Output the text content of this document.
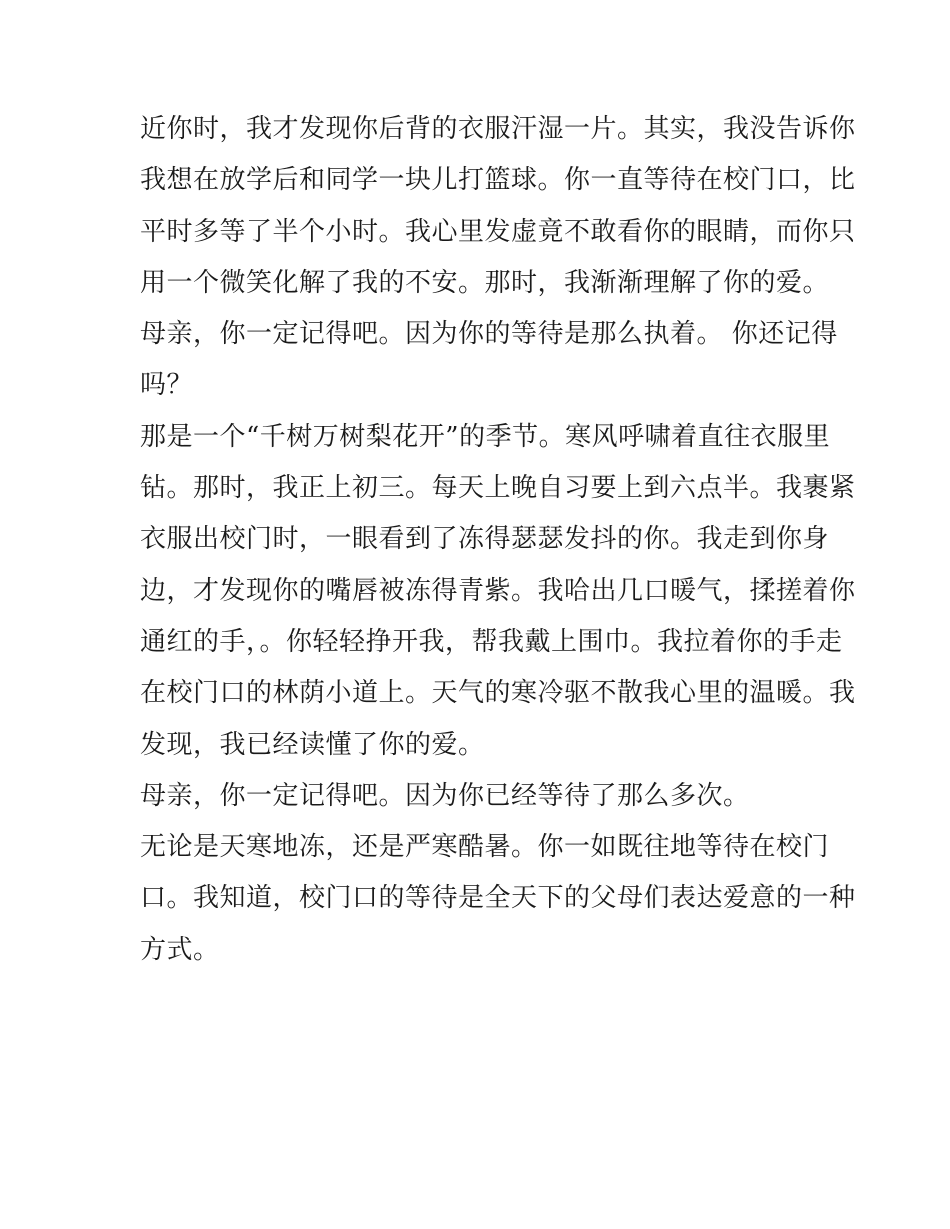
近你时，我才发现你后背的衣服汗湿一片。其实，我没告诉你
我想在放学后和同学一块儿打篮球。你一直等待在校门口，比
平时多等了半个小时。我心里发虚竟不敢看你的眼睛，而你只
用一个微笑化解了我的不安。那时，我渐渐理解了你的爱。
母亲，你一定记得吧。因为你的等待是那么执着。 你还记得
吗？
那是一个“千树万树梨花开”的季节。寒风呼啸着直往衣服里
钻。那时，我正上初三。每天上晚自习要上到六点半。我裹紧
衣服出校门时，一眼看到了冻得瑟瑟发抖的你。我走到你身
边，才发现你的嘴唇被冻得青紫。我哈出几口暖气，揉搓着你
通红的手，。你轻轻挣开我，帮我戴上围巾。我拉着你的手走
在校门口的林荫小道上。天气的寒冷驱不散我心里的温暖。我
发现，我已经读懂了你的爱。
母亲，你一定记得吧。因为你已经等待了那么多次。
无论是天寒地冻，还是严寒酷暑。你一如既往地等待在校门
口。我知道，校门口的等待是全天下的父母们表达爱意的一种
方式。
